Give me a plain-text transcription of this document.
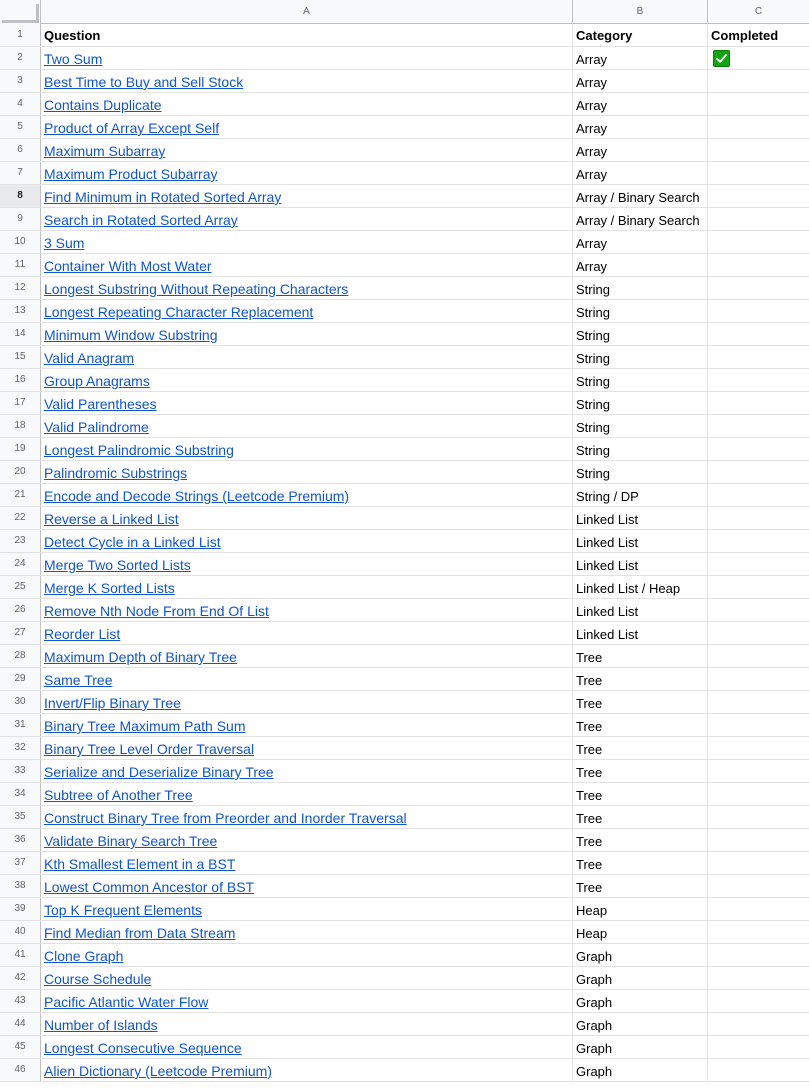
A	B	C
1	Question	Category	Completed
2	Two Sum	Array
3	Best Time to Buy and Sell Stock	Array
4	Contains Duplicate	Array
5	Product of Array Except Self	Array
6	Maximum Subarray	Array
7	Maximum Product Subarray	Array
8	Find Minimum in Rotated Sorted Array	Array / Binary Search
9	Search in Rotated Sorted Array	Array / Binary Search
10	3 Sum	Array
11	Container With Most Water	Array
12	Longest Substring Without Repeating Characters	String
13	Longest Repeating Character Replacement	String
14	Minimum Window Substring	String
15	Valid Anagram	String
16	Group Anagrams	String
17	Valid Parentheses	String
18	Valid Palindrome	String
19	Longest Palindromic Substring	String
20	Palindromic Substrings	String
21	Encode and Decode Strings (Leetcode Premium)	String / DP
22	Reverse a Linked List	Linked List
23	Detect Cycle in a Linked List	Linked List
24	Merge Two Sorted Lists	Linked List
25	Merge K Sorted Lists	Linked List / Heap
26	Remove Nth Node From End Of List	Linked List
27	Reorder List	Linked List
28	Maximum Depth of Binary Tree	Tree
29	Same Tree	Tree
30	Invert/Flip Binary Tree	Tree
31	Binary Tree Maximum Path Sum	Tree
32	Binary Tree Level Order Traversal	Tree
33	Serialize and Deserialize Binary Tree	Tree
34	Subtree of Another Tree	Tree
35	Construct Binary Tree from Preorder and Inorder Traversal	Tree
36	Validate Binary Search Tree	Tree
37	Kth Smallest Element in a BST	Tree
38	Lowest Common Ancestor of BST	Tree
39	Top K Frequent Elements	Heap
40	Find Median from Data Stream	Heap
41	Clone Graph	Graph
42	Course Schedule	Graph
43	Pacific Atlantic Water Flow	Graph
44	Number of Islands	Graph
45	Longest Consecutive Sequence	Graph
46	Alien Dictionary (Leetcode Premium)	Graph
